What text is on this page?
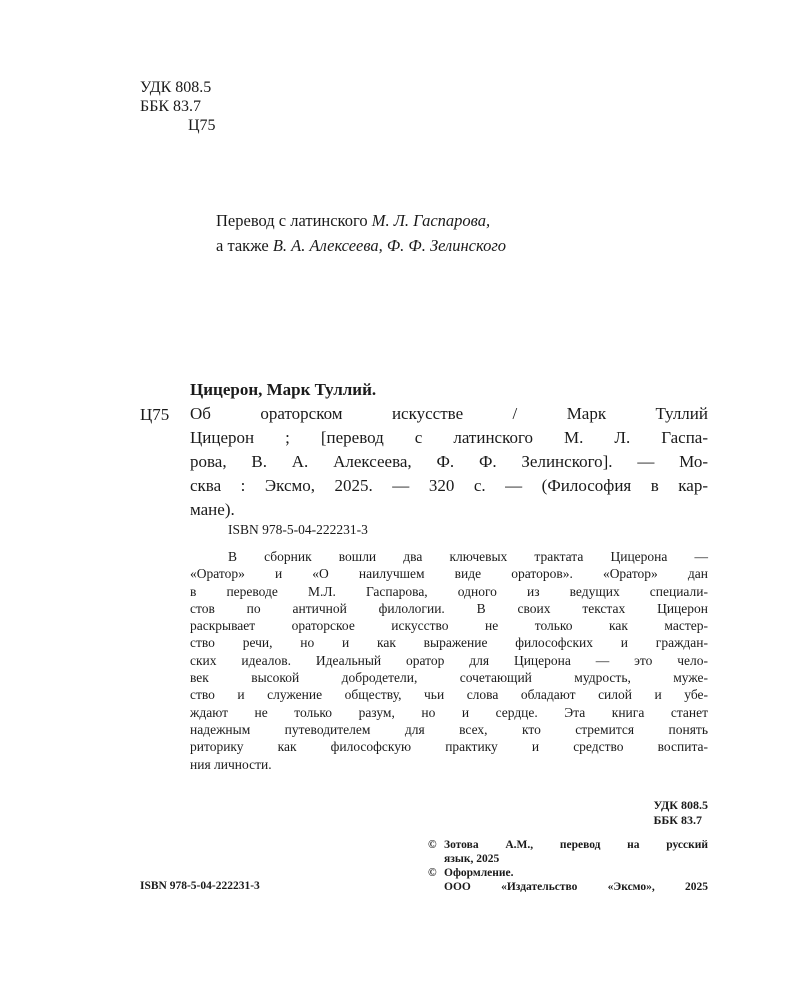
УДК 808.5
ББК 83.7
Ц75
Перевод с латинского М. Л. Гаспарова,
а также В. А. Алексеева, Ф. Ф. Зелинского
Цицерон, Марк Туллий.
Ц75 Об ораторском искусстве / Марк Туллий
Цицерон ; [перевод с латинского М. Л. Гаспа-
рова, В. А. Алексеева, Ф. Ф. Зелинского]. — Мо-
сква : Эксмо, 2025. — 320 с. — (Философия в кар-
мане).
ISBN 978-5-04-222231-3
В сборник вошли два ключевых трактата Цицерона —
«Оратор» и «О наилучшем виде ораторов». «Оратор» дан
в переводе М.Л. Гаспарова, одного из ведущих специали-
стов по античной филологии. В своих текстах Цицерон
раскрывает ораторское искусство не только как мастер-
ство речи, но и как выражение философских и граждан-
ских идеалов. Идеальный оратор для Цицерона — это чело-
век высокой добродетели, сочетающий мудрость, муже-
ство и служение обществу, чьи слова обладают силой и убе-
ждают не только разум, но и сердце. Эта книга станет
надежным путеводителем для всех, кто стремится понять
риторику как философскую практику и средство воспита-
ния личности.
УДК 808.5
ББК 83.7
© Зотова А.М., перевод на русский
язык, 2025
© Оформление.
ООО «Издательство «Эксмо», 2025
ISBN 978-5-04-222231-3
